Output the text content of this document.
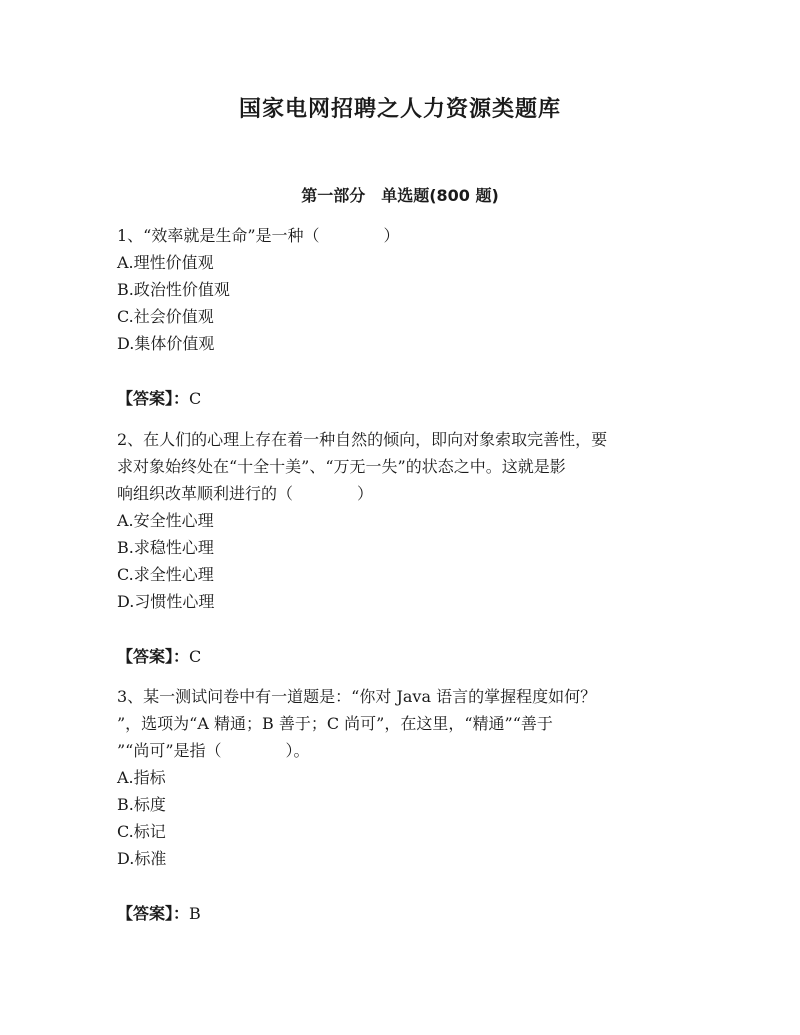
国家电网招聘之人力资源类题库
第一部分　单选题(800 题)
1、“效率就是生命”是一种（　　　　）
A.理性价值观
B.政治性价值观
C.社会价值观
D.集体价值观
【答案】：C
2、在人们的心理上存在着一种自然的倾向，即向对象索取完善性，要
求对象始终处在“十全十美”、“万无一失”的状态之中。这就是影
响组织改革顺利进行的（　　　　）
A.安全性心理
B.求稳性心理
C.求全性心理
D.习惯性心理
【答案】：C
3、某一测试问卷中有一道题是：“你对 Java 语言的掌握程度如何？
”，选项为“A 精通；B 善于；C 尚可”，在这里，“精通”“善于
”“尚可”是指（　　　　）。
A.指标
B.标度
C.标记
D.标准
【答案】：B
